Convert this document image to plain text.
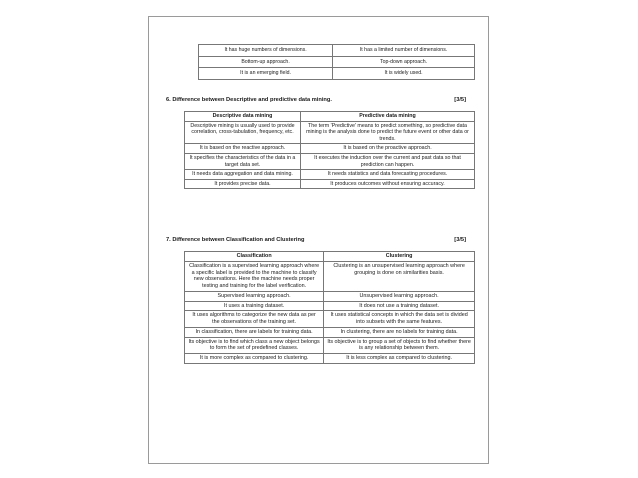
It has huge numbers of dimensions.	It has a limited number of dimensions.
Bottom-up approach.	Top-down approach.
It is an emerging field.	It is widely used.
6. Difference between Descriptive and predictive data mining.	[3/5]
Descriptive data mining	Predictive data mining
Descriptive mining is usually used to provide correlation, cross-tabulation, frequency, etc.	The term 'Predictive' means to predict something, so predictive data mining is the analysis done to predict the future event or other data or trends.
It is based on the reactive approach.	It is based on the proactive approach.
It specifies the characteristics of the data in a target data set.	It executes the induction over the current and past data so that prediction can happen.
It needs data aggregation and data mining.	It needs statistics and data forecasting procedures.
It provides precise data.	It produces outcomes without ensuring accuracy.
7. Difference between Classification and Clustering	[3/5]
Classification	Clustering
Classification is a supervised learning approach where a specific label is provided to the machine to classify new observations. Here the machine needs proper testing and training for the label verification.	Clustering is an unsupervised learning approach where grouping is done on similarities basis.
Supervised learning approach.	Unsupervised learning approach.
It uses a training dataset.	It does not use a training dataset.
It uses algorithms to categorize the new data as per the observations of the training set.	It uses statistical concepts in which the data set is divided into subsets with the same features.
In classification, there are labels for training data.	In clustering, there are no labels for training data.
Its objective is to find which class a new object belongs to form the set of predefined classes.	Its objective is to group a set of objects to find whether there is any relationship between them.
It is more complex as compared to clustering.	It is less complex as compared to clustering.
